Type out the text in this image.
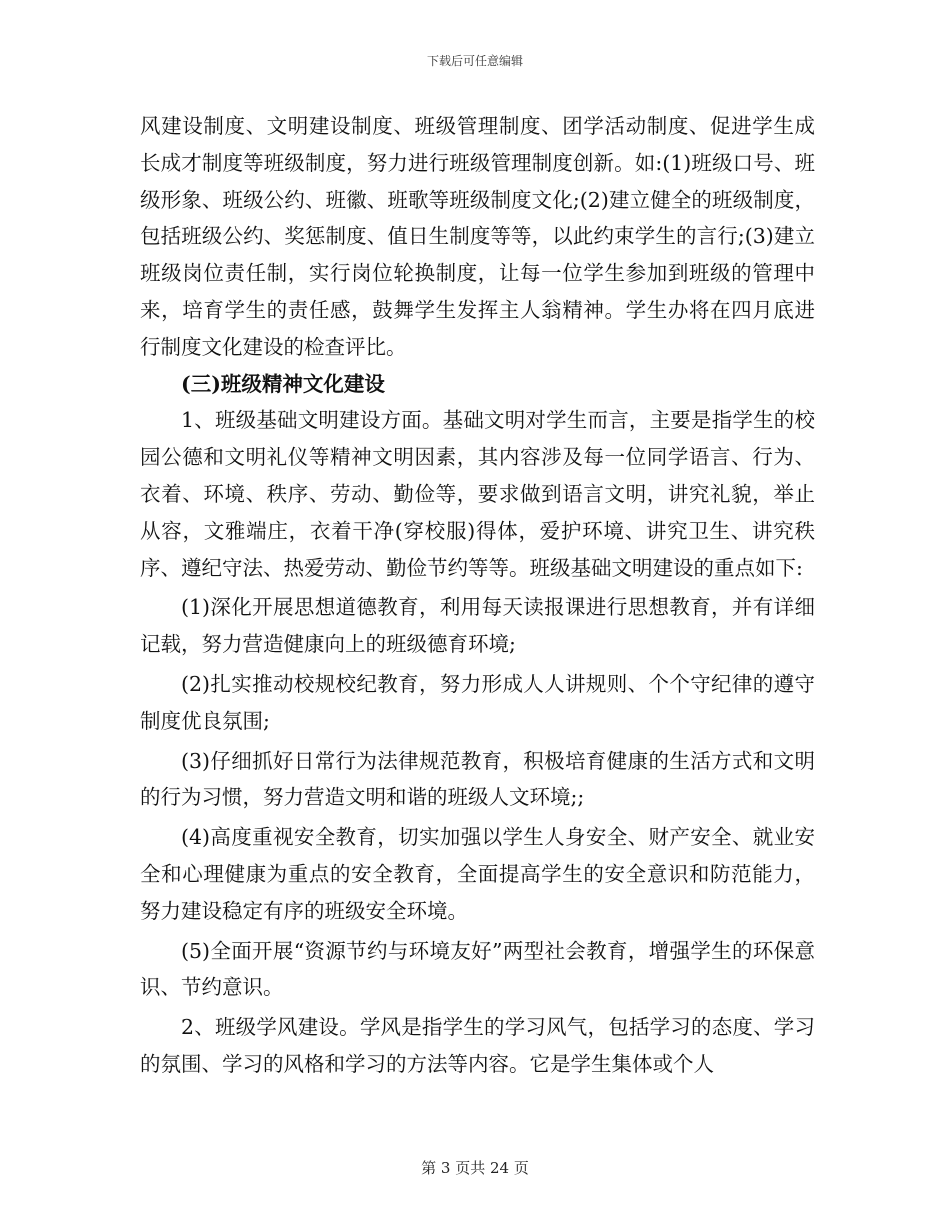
下载后可任意编辑

风建设制度、文明建设制度、班级管理制度、团学活动制度、促进学生成长成才制度等班级制度，努力进行班级管理制度创新。如:(1)班级口号、班级形象、班级公约、班徽、班歌等班级制度文化;(2)建立健全的班级制度，包括班级公约、奖惩制度、值日生制度等等，以此约束学生的言行;(3)建立班级岗位责任制，实行岗位轮换制度，让每一位学生参加到班级的管理中来，培育学生的责任感，鼓舞学生发挥主人翁精神。学生办将在四月底进行制度文化建设的检查评比。

(三)班级精神文化建设

1、班级基础文明建设方面。基础文明对学生而言，主要是指学生的校园公德和文明礼仪等精神文明因素，其内容涉及每一位同学语言、行为、衣着、环境、秩序、劳动、勤俭等，要求做到语言文明，讲究礼貌，举止从容，文雅端庄，衣着干净(穿校服)得体，爱护环境、讲究卫生、讲究秩序、遵纪守法、热爱劳动、勤俭节约等等。班级基础文明建设的重点如下:

(1)深化开展思想道德教育，利用每天读报课进行思想教育，并有详细记载，努力营造健康向上的班级德育环境;

(2)扎实推动校规校纪教育，努力形成人人讲规则、个个守纪律的遵守制度优良氛围;

(3)仔细抓好日常行为法律规范教育，积极培育健康的生活方式和文明的行为习惯，努力营造文明和谐的班级人文环境;;

(4)高度重视安全教育，切实加强以学生人身安全、财产安全、就业安全和心理健康为重点的安全教育，全面提高学生的安全意识和防范能力，努力建设稳定有序的班级安全环境。

(5)全面开展“资源节约与环境友好”两型社会教育，增强学生的环保意识、节约意识。

2、班级学风建设。学风是指学生的学习风气，包括学习的态度、学习的氛围、学习的风格和学习的方法等内容。它是学生集体或个人

第 3 页共 24 页
